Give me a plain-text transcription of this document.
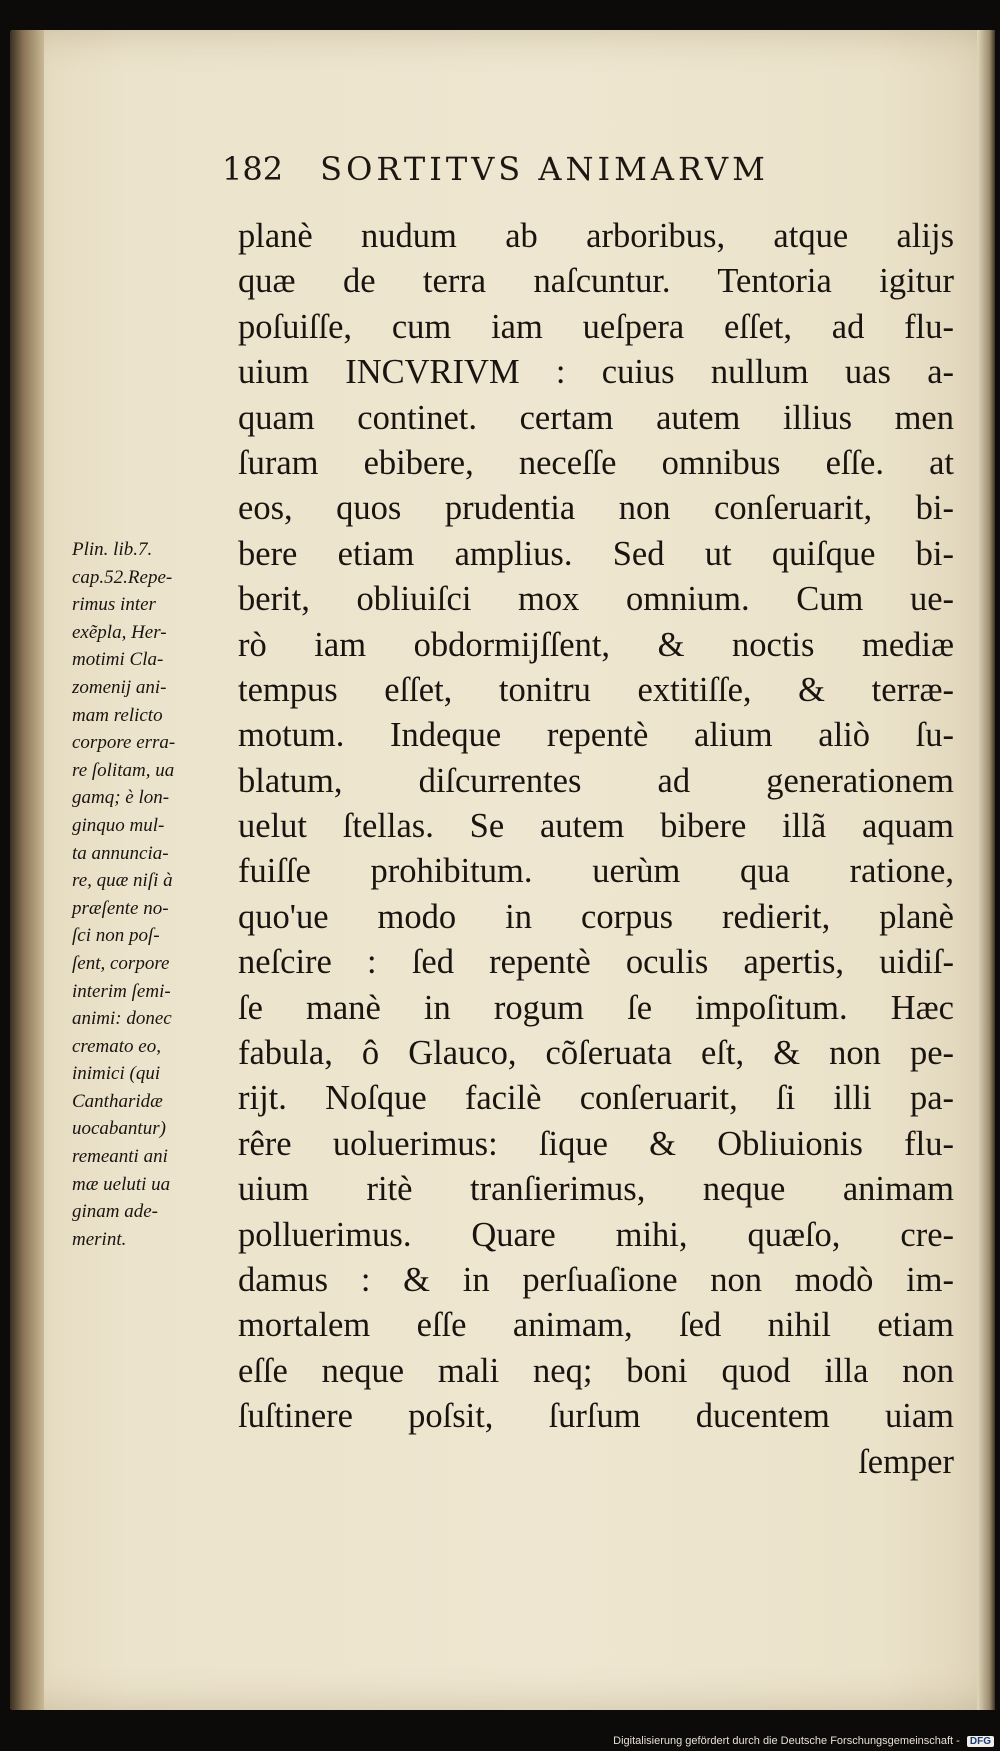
182 SORTITVS ANIMARVM
planè nudum ab arboribus, atque alijs
quæ de terra naſcuntur. Tentoria igitur
poſuiſſe, cum iam ueſpera eſſet, ad flu-
uium INCVRIVM : cuius nullum uas a-
quam continet. certam autem illius men
ſuram ebibere, neceſſe omnibus eſſe. at
eos, quos prudentia non conſeruarit, bi-
bere etiam amplius. Sed ut quiſque bi-
berit, obliuiſci mox omnium. Cum ue-
rò iam obdormijſſent, & noctis mediæ
tempus eſſet, tonitru extitiſſe, & terræ-
motum. Indeque repentè alium aliò ſu-
blatum, diſcurrentes ad generationem
uelut ſtellas. Se autem bibere illã aquam
fuiſſe prohibitum. uerùm qua ratione,
quo'ue modo in corpus redierit, planè
neſcire : ſed repentè oculis apertis, uidiſ-
ſe manè in rogum ſe impoſitum. Hæc
fabula, ô Glauco, cõſeruata eſt, & non pe-
rijt. Noſque facilè conſeruarit, ſi illi pa-
rêre uoluerimus: ſique & Obliuionis flu-
uium ritè tranſierimus, neque animam
polluerimus. Quare mihi, quæſo, cre-
damus : & in perſuaſione non modò im-
mortalem eſſe animam, ſed nihil etiam
eſſe neque mali neq; boni quod illa non
ſuſtinere poſsit, ſurſum ducentem uiam
ſemper
Plin. lib.7.
cap.52.Repe-
rimus inter
exẽpla, Her-
motimi Cla-
zomenij ani-
mam relicto
corpore erra-
re ſolitam, ua
gamq; è lon-
ginquo mul-
ta annuncia-
re, quæ niſi à
præſente no-
ſci non poſ-
ſent, corpore
interim ſemi-
animi: donec
cremato eo,
inimici (qui
Cantharidæ
uocabantur)
remeanti ani
mæ ueluti ua
ginam ade-
merint.
Digitalisierung gefördert durch die Deutsche Forschungsgemeinschaft - DFG
